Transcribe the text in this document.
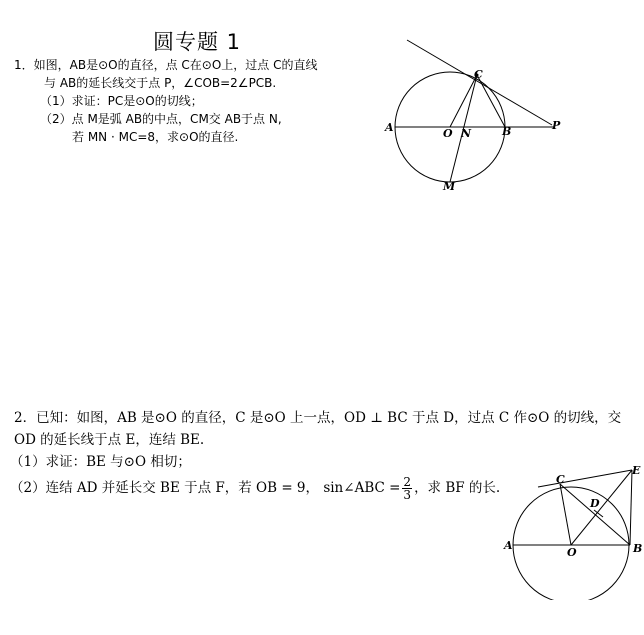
圆专题 1
1．如图，AB是⊙O的直径，点 C在⊙O上，过点 C的直线
与 AB的延长线交于点 P，∠COB=2∠PCB.
（1）求证：PC是⊙O的切线；
（2）点 M是弧 AB的中点，CM交 AB于点 N,
若 MN · MC=8，求⊙O的直径.
A	O N	B	P
C
M
2．已知：如图，AB 是⊙O 的直径，C 是⊙O 上一点，OD ⊥ BC 于点 D，过点 C 作⊙O 的切线，交
OD 的延长线于点 E，连结 BE.
（1）求证：BE 与⊙O 相切；
（2）连结 AD 并延长交 BE 于点 F，若 OB = 9， sin∠ABC = $\frac{2}{3}$ ，求 BF 的长.
A
O	B
C
D
E
